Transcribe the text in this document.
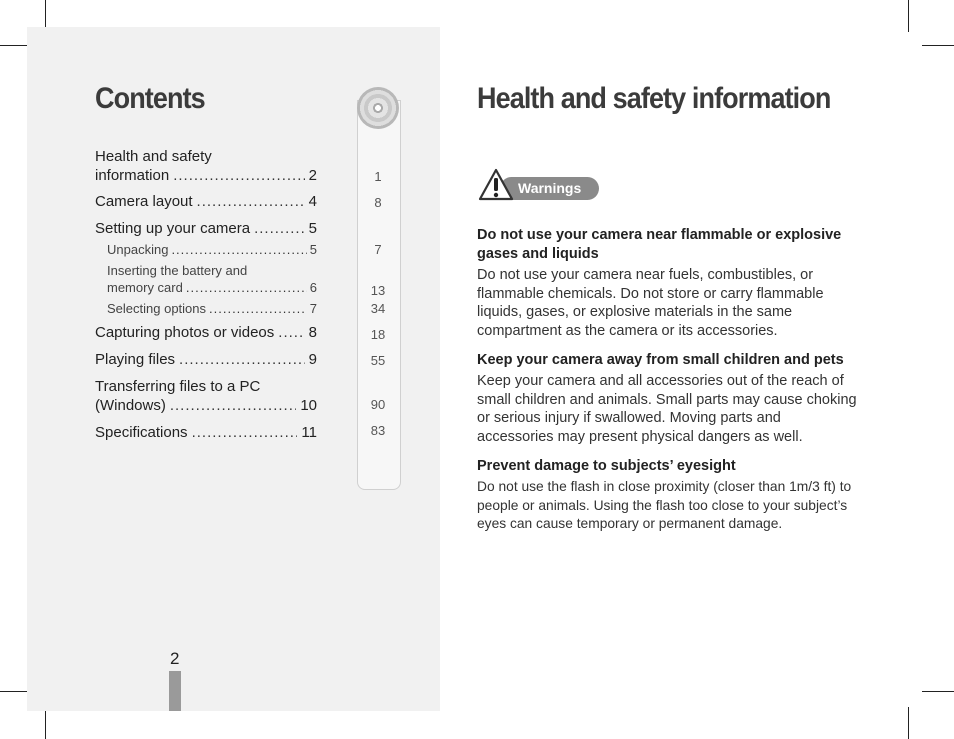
Contents
Health and safety
information .....	2
Camera layout .....	4
Setting up your camera .....	5
Unpacking .....	5
Inserting the battery and
memory card .....	6
Selecting options .....	7
Capturing photos or videos ..... 8
Playing files .....	9
Transferring files to a PC
(Windows) .....	10
Specifications .....	11
1
8
7
13
34
18
55
90
83
2
Health and safety information
Warnings
Do not use your camera near flammable or explosive gases and liquids
Do not use your camera near fuels, combustibles, or flammable chemicals. Do not store or carry flammable liquids, gases, or explosive materials in the same compartment as the camera or its accessories.
Keep your camera away from small children and pets
Keep your camera and all accessories out of the reach of small children and animals. Small parts may cause choking or serious injury if swallowed. Moving parts and accessories may present physical dangers as well.
Prevent damage to subjects’ eyesight
Do not use the flash in close proximity (closer than 1m/3 ft) to people or animals. Using the flash too close to your subject’s eyes can cause temporary or permanent damage.
